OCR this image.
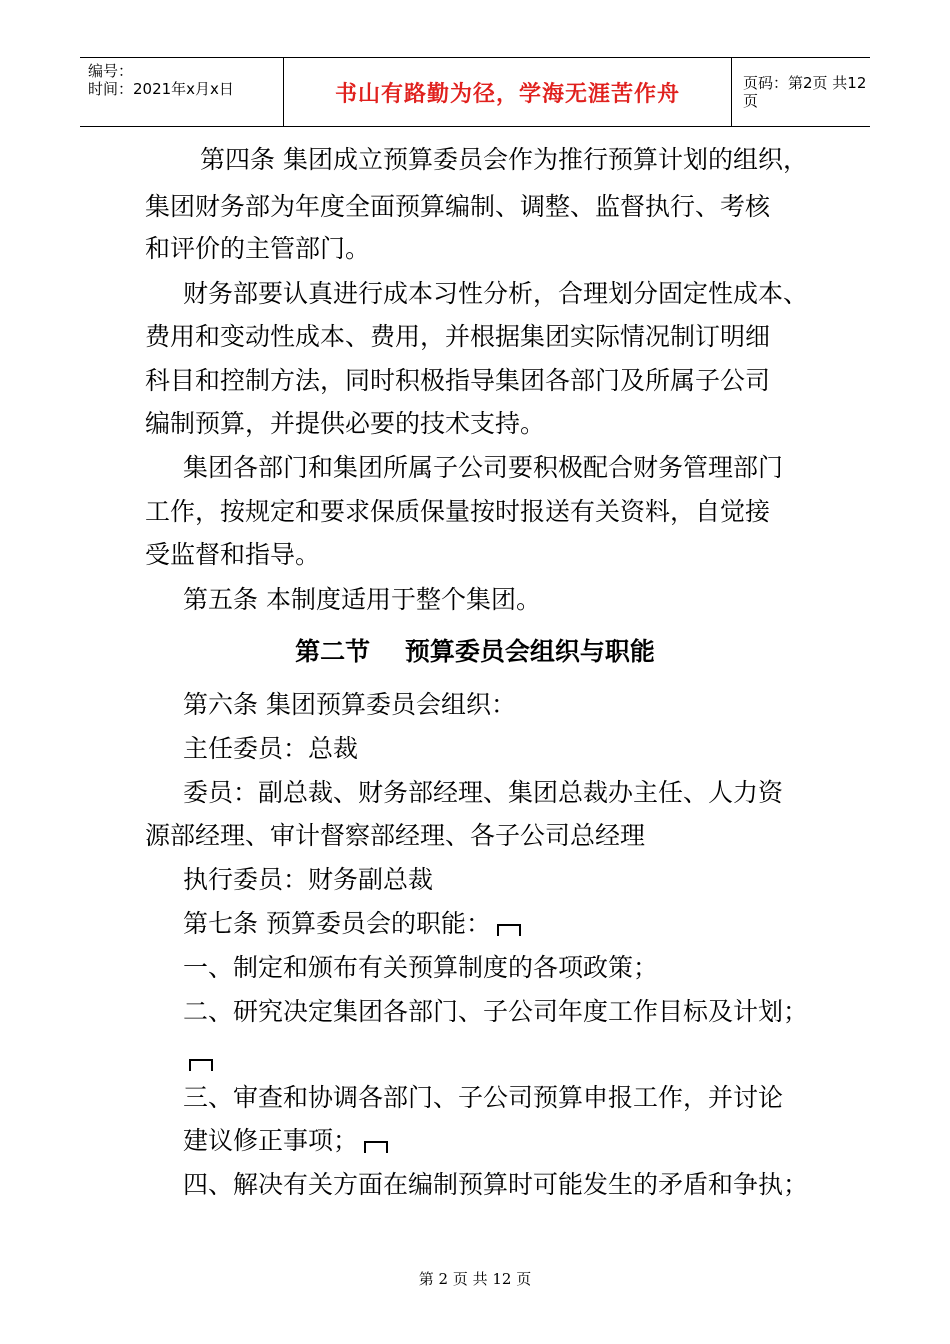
编号：
时间：2021年x月x日	书山有路勤为径，学海无涯苦作舟	页码：第2页 共12页
第四条 集团成立预算委员会作为推行预算计划的组织，
集团财务部为年度全面预算编制、调整、监督执行、考核
和评价的主管部门。
财务部要认真进行成本习性分析，合理划分固定性成本、
费用和变动性成本、费用，并根据集团实际情况制订明细
科目和控制方法，同时积极指导集团各部门及所属子公司
编制预算，并提供必要的技术支持。
集团各部门和集团所属子公司要积极配合财务管理部门
工作，按规定和要求保质保量按时报送有关资料，自觉接
受监督和指导。
第五条 本制度适用于整个集团。
第二节    预算委员会组织与职能
第六条 集团预算委员会组织：
主任委员：总裁
委员：副总裁、财务部经理、集团总裁办主任、人力资
源部经理、审计督察部经理、各子公司总经理
执行委员：财务副总裁
第七条 预算委员会的职能：
一、制定和颁布有关预算制度的各项政策；
二、研究决定集团各部门、子公司年度工作目标及计划；
三、审查和协调各部门、子公司预算申报工作，并讨论
建议修正事项；
四、解决有关方面在编制预算时可能发生的矛盾和争执；
第 2 页 共 12 页
